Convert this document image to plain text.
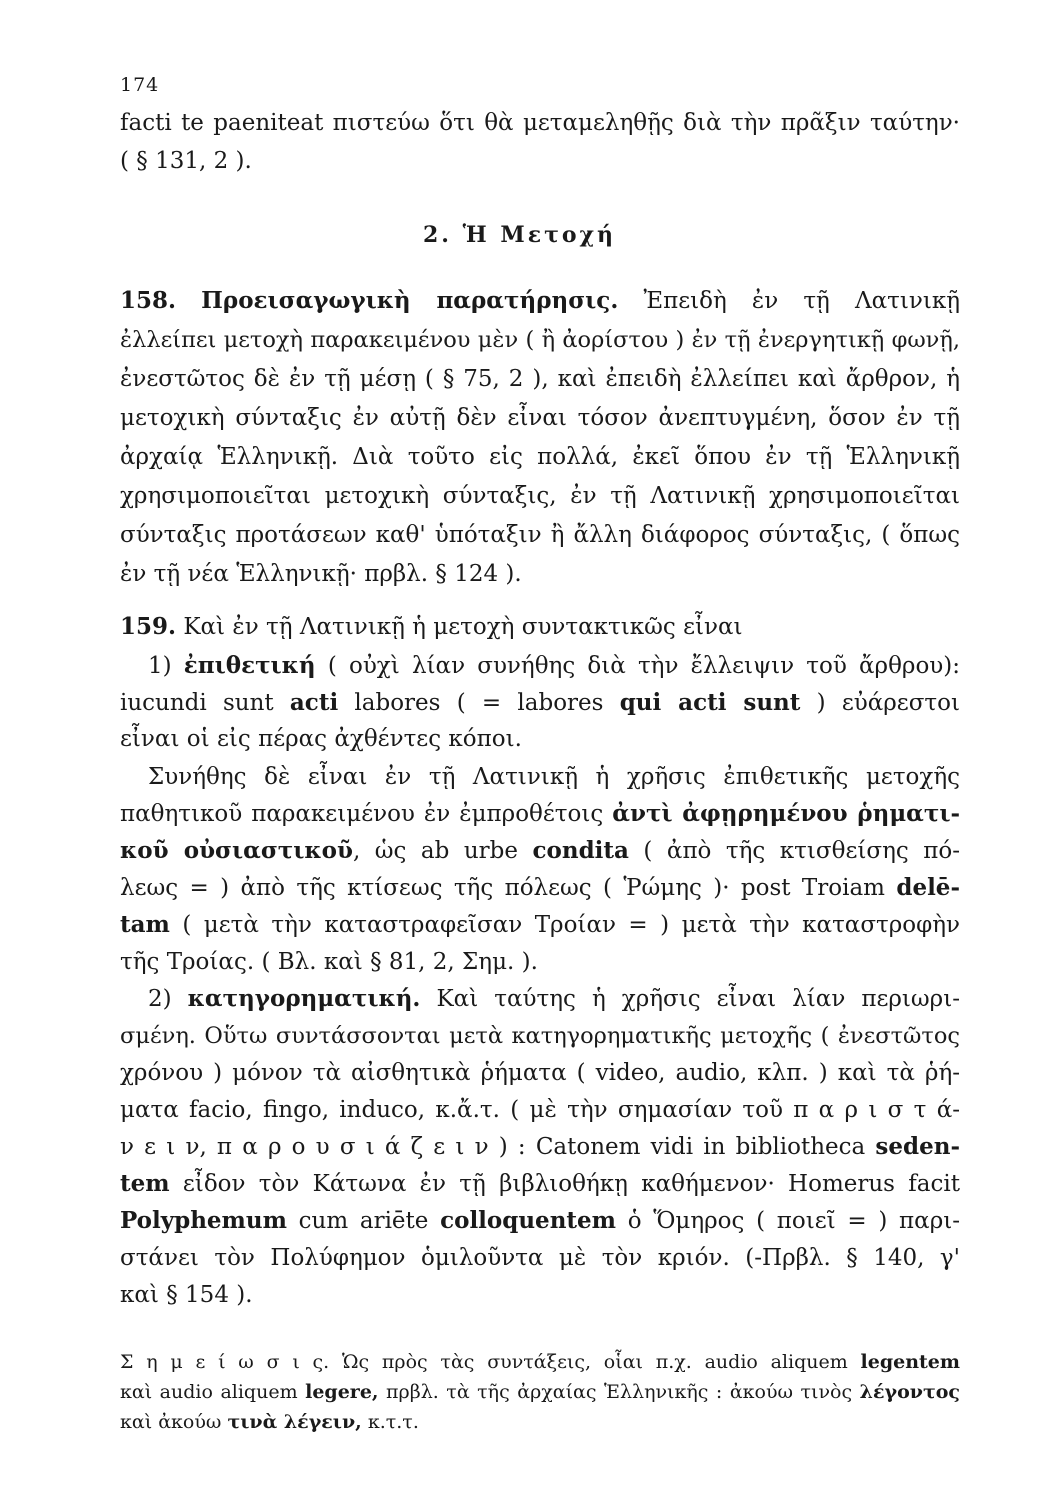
174
facti te paeniteat πιστεύω ὅτι θὰ μεταμεληθῇς διὰ τὴν πρᾶξιν ταύτην·
( § 131, 2 ).
2. Ἡ Μετοχή
158. Προεισαγωγικὴ παρατήρησις. Ἐπειδὴ ἐν τῇ Λατινικῇ
ἐλλείπει μετοχὴ παρακειμένου μὲν ( ἢ ἀορίστου ) ἐν τῇ ἐνεργητικῇ φωνῇ,
ἐνεστῶτος δὲ ἐν τῇ μέσῃ ( § 75, 2 ), καὶ ἐπειδὴ ἐλλείπει καὶ ἄρθρον, ἡ
μετοχικὴ σύνταξις ἐν αὐτῇ δὲν εἶναι τόσον ἀνεπτυγμένη, ὅσον ἐν τῇ
ἀρχαίᾳ Ἑλληνικῇ. Διὰ τοῦτο εἰς πολλά, ἐκεῖ ὅπου ἐν τῇ Ἑλληνικῇ
χρησιμοποιεῖται μετοχικὴ σύνταξις, ἐν τῇ Λατινικῇ χρησιμοποιεῖται
σύνταξις προτάσεων καθ' ὑπόταξιν ἢ ἄλλη διάφορος σύνταξις, ( ὅπως
ἐν τῇ νέα Ἑλληνικῇ· πρβλ. § 124 ).
159. Καὶ ἐν τῇ Λατινικῇ ἡ μετοχὴ συντακτικῶς εἶναι
1) ἐπιθετική ( οὐχὶ λίαν συνήθης διὰ τὴν ἔλλειψιν τοῦ ἄρθρου):
iucundi sunt acti labores ( = labores qui acti sunt ) εὐάρεστοι
εἶναι οἱ εἰς πέρας ἀχθέντες κόποι.
Συνήθης δὲ εἶναι ἐν τῇ Λατινικῇ ἡ χρῆσις ἐπιθετικῆς μετοχῆς
παθητικοῦ παρακειμένου ἐν ἐμπροθέτοις ἀντὶ ἀφῃρημένου ῥηματι-
κοῦ οὐσιαστικοῦ, ὡς ab urbe condita ( ἀπὸ τῆς κτισθείσης πό-
λεως = ) ἀπὸ τῆς κτίσεως τῆς πόλεως ( Ῥώμης )· post Troiam delē-
tam ( μετὰ τὴν καταστραφεῖσαν Τροίαν = ) μετὰ τὴν καταστροφὴν
τῆς Τροίας. ( Βλ. καὶ § 81, 2, Σημ. ).
2) κατηγορηματική. Καὶ ταύτης ἡ χρῆσις εἶναι λίαν περιωρι-
σμένη. Οὕτω συντάσσονται μετὰ κατηγορηματικῆς μετοχῆς ( ἐνεστῶτος
χρόνου ) μόνον τὰ αἰσθητικὰ ῥήματα ( video, audio, κλπ. ) καὶ τὰ ῥή-
ματα facio, fingo, induco, κ.ἄ.τ. ( μὲ τὴν σημασίαν τοῦ π α ρ ι σ τ ά-
ν ε ι ν, π α ρ ο υ σ ι ά ζ ε ι ν ) : Catonem vidi in bibliotheca seden-
tem εἶδον τὸν Κάτωνα ἐν τῇ βιβλιοθήκῃ καθήμενον· Homerus facit
Polyphemum cum ariēte colloquentem ὁ Ὅμηρος ( ποιεῖ = ) παρι-
στάνει τὸν Πολύφημον ὁμιλοῦντα μὲ τὸν κριόν. (-Πρβλ. § 140, γ'
καὶ § 154 ).
Σ η μ ε ί ω σ ι ς. Ὡς πρὸς τὰς συντάξεις, οἷαι π.χ. audio aliquem legentem
καὶ audio aliquem legere, πρβλ. τὰ τῆς ἀρχαίας Ἑλληνικῆς : ἀκούω τινὸς λέγοντος
καὶ ἀκούω τινὰ λέγειν, κ.τ.τ.
